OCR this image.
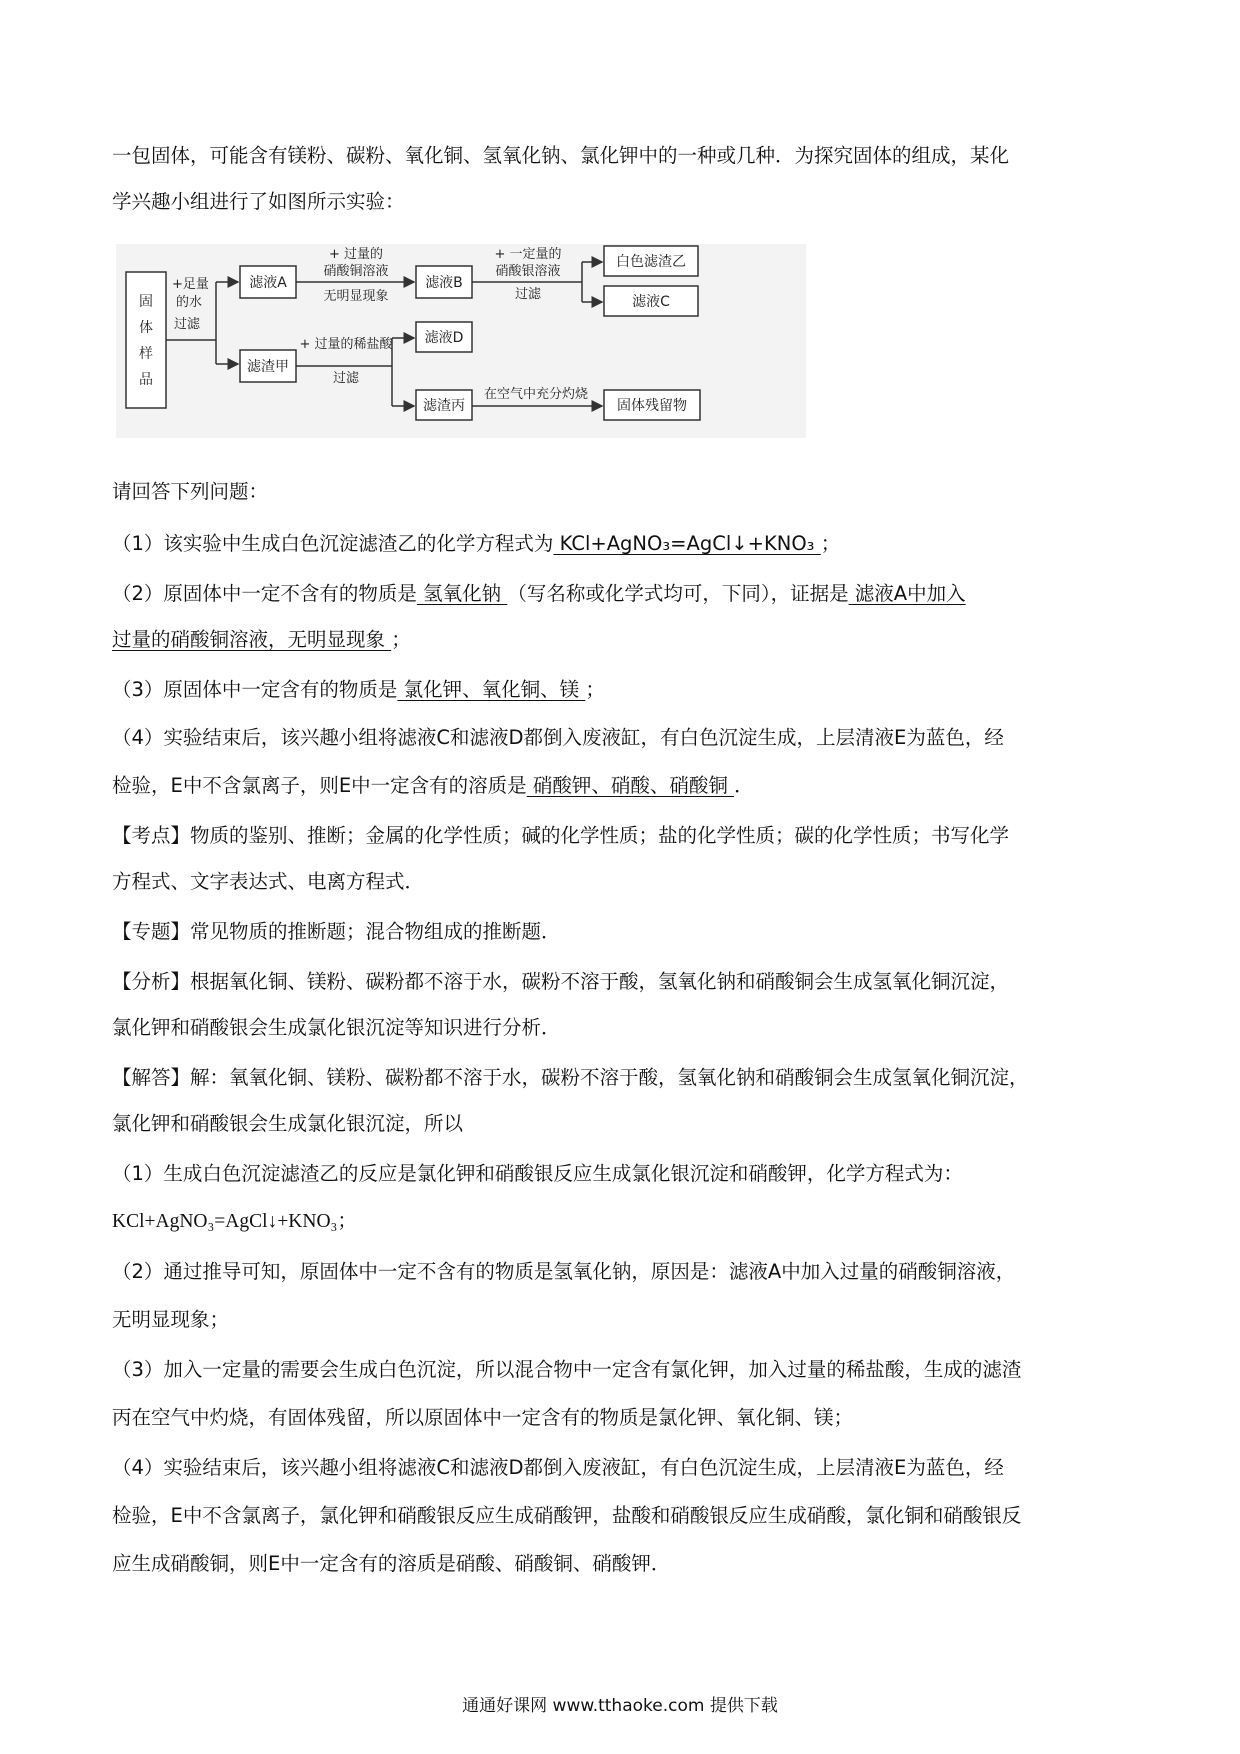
一包固体，可能含有镁粉、碳粉、氧化铜、氢氧化钠、氯化钾中的一种或几种．为探究固体的组成，某化
学兴趣小组进行了如图所示实验：
固
体
样
品
+足量
的水
过滤
滤液A
+ 过量的
硝酸铜溶液
无明显现象
滤液B
+ 一定量的
硝酸银溶液
过滤
白色滤渣乙
滤液C
滤渣甲
+ 过量的稀盐酸
过滤
滤液D
滤渣丙
在空气中充分灼烧
固体残留物
请回答下列问题：
（1）该实验中生成白色沉淀滤渣乙的化学方程式为 KCl+AgNO₃=AgCl↓+KNO₃ ；
（2）原固体中一定不含有的物质是 氢氧化钠 （写名称或化学式均可，下同），证据是 滤液A中加入
过量的硝酸铜溶液，无明显现象 ；
（3）原固体中一定含有的物质是 氯化钾、氧化铜、镁 ；
（4）实验结束后，该兴趣小组将滤液C和滤液D都倒入废液缸，有白色沉淀生成，上层清液E为蓝色，经
检验，E中不含氯离子，则E中一定含有的溶质是 硝酸钾、硝酸、硝酸铜 ．
【考点】物质的鉴别、推断；金属的化学性质；碱的化学性质；盐的化学性质；碳的化学性质；书写化学
方程式、文字表达式、电离方程式．
【专题】常见物质的推断题；混合物组成的推断题．
【分析】根据氧化铜、镁粉、碳粉都不溶于水，碳粉不溶于酸，氢氧化钠和硝酸铜会生成氢氧化铜沉淀，
氯化钾和硝酸银会生成氯化银沉淀等知识进行分析．
【解答】解：氧氧化铜、镁粉、碳粉都不溶于水，碳粉不溶于酸，氢氧化钠和硝酸铜会生成氢氧化铜沉淀，
氯化钾和硝酸银会生成氯化银沉淀，所以
（1）生成白色沉淀滤渣乙的反应是氯化钾和硝酸银反应生成氯化银沉淀和硝酸钾，化学方程式为：
KCl+AgNO₃=AgCl↓+KNO₃；
（2）通过推导可知，原固体中一定不含有的物质是氢氧化钠，原因是：滤液A中加入过量的硝酸铜溶液，
无明显现象；
（3）加入一定量的需要会生成白色沉淀，所以混合物中一定含有氯化钾，加入过量的稀盐酸，生成的滤渣
丙在空气中灼烧，有固体残留，所以原固体中一定含有的物质是氯化钾、氧化铜、镁；
（4）实验结束后，该兴趣小组将滤液C和滤液D都倒入废液缸，有白色沉淀生成，上层清液E为蓝色，经
检验，E中不含氯离子，氯化钾和硝酸银反应生成硝酸钾，盐酸和硝酸银反应生成硝酸，氯化铜和硝酸银反
应生成硝酸铜，则E中一定含有的溶质是硝酸、硝酸铜、硝酸钾．
通通好课网 www.tthaoke.com 提供下载
